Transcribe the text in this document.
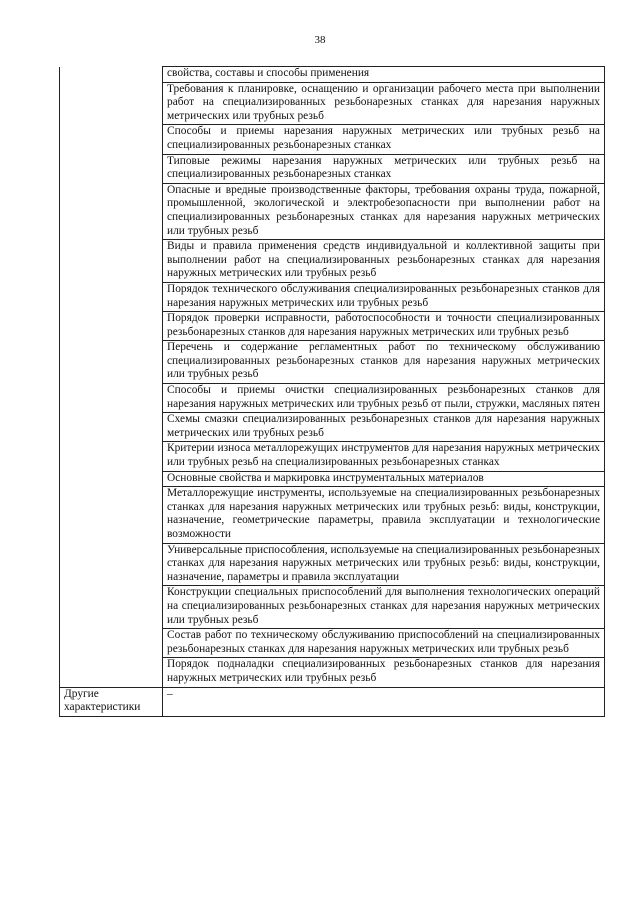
38
	свойства, составы и способы применения
	Требования к планировке, оснащению и организации рабочего места при выполнении работ на специализированных резьбонарезных станках для нарезания наружных метрических или трубных резьб
	Способы и приемы нарезания наружных метрических или трубных резьб на специализированных резьбонарезных станках
	Типовые режимы нарезания наружных метрических или трубных резьб на специализированных резьбонарезных станках
	Опасные и вредные производственные факторы, требования охраны труда, пожарной, промышленной, экологической и электробезопасности при выполнении работ на специализированных резьбонарезных станках для нарезания наружных метрических или трубных резьб
	Виды и правила применения средств индивидуальной и коллективной защиты при выполнении работ на специализированных резьбонарезных станках для нарезания наружных метрических или трубных резьб
	Порядок технического обслуживания специализированных резьбонарезных станков для нарезания наружных метрических или трубных резьб
	Порядок проверки исправности, работоспособности и точности специализированных резьбонарезных станков для нарезания наружных метрических или трубных резьб
	Перечень и содержание регламентных работ по техническому обслуживанию специализированных резьбонарезных станков для нарезания наружных метрических или трубных резьб
	Способы и приемы очистки специализированных резьбонарезных станков для нарезания наружных метрических или трубных резьб от пыли, стружки, масляных пятен
	Схемы смазки специализированных резьбонарезных станков для нарезания наружных метрических или трубных резьб
	Критерии износа металлорежущих инструментов для нарезания наружных метрических или трубных резьб на специализированных резьбонарезных станках
	Основные свойства и маркировка инструментальных материалов
	Металлорежущие инструменты, используемые на специализированных резьбонарезных станках для нарезания наружных метрических или трубных резьб: виды, конструкции, назначение, геометрические параметры, правила эксплуатации и технологические возможности
	Универсальные приспособления, используемые на специализированных резьбонарезных станках для нарезания наружных метрических или трубных резьб: виды, конструкции, назначение, параметры и правила эксплуатации
	Конструкции специальных приспособлений для выполнения технологических операций на специализированных резьбонарезных станках для нарезания наружных метрических или трубных резьб
	Состав работ по техническому обслуживанию приспособлений на специализированных резьбонарезных станках для нарезания наружных метрических или трубных резьб
	Порядок подналадки специализированных резьбонарезных станков для нарезания наружных метрических или трубных резьб
Другие характеристики	–
